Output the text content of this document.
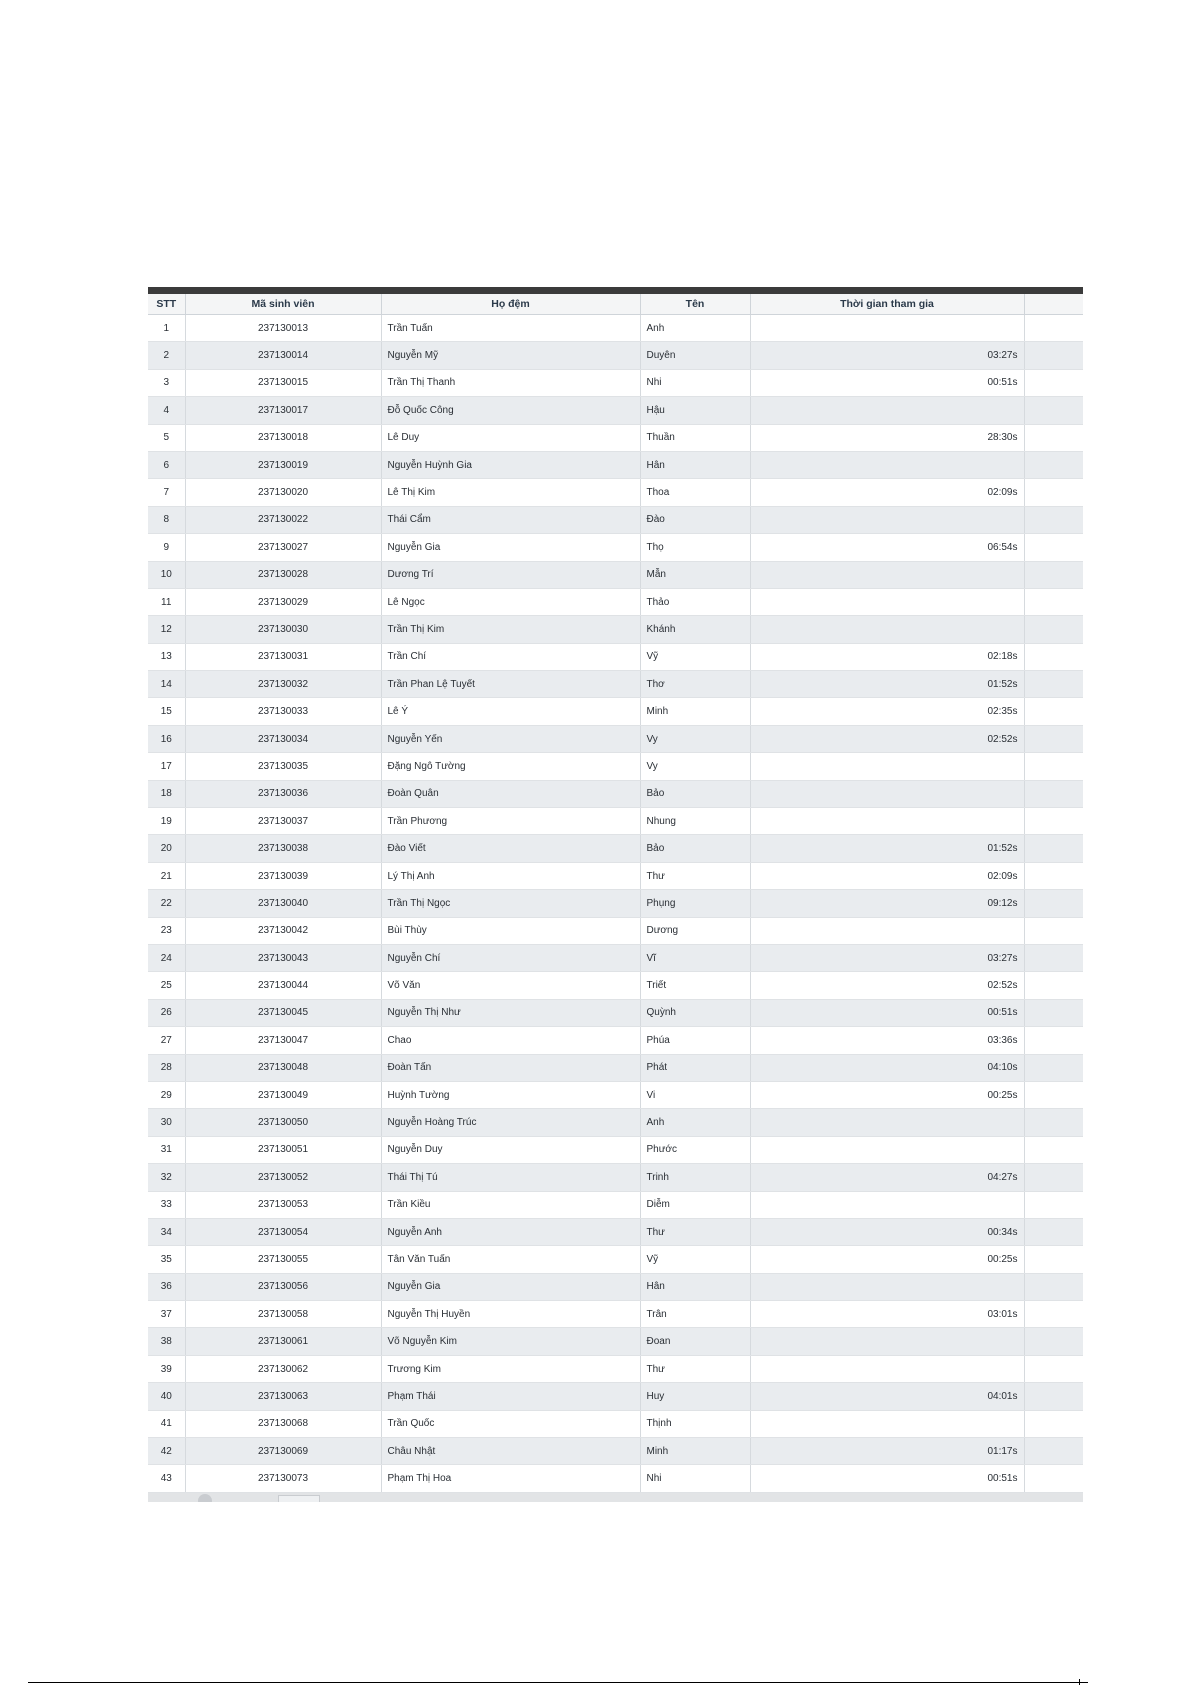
STT	Mã sinh viên	Họ đệm	Tên	Thời gian tham gia	
1	237130013	Trần Tuấn	Anh		
2	237130014	Nguyễn Mỹ	Duyên	03:27s	
3	237130015	Trần Thị Thanh	Nhi	00:51s	
4	237130017	Đỗ Quốc Công	Hậu		
5	237130018	Lê Duy	Thuần	28:30s	
6	237130019	Nguyễn Huỳnh Gia	Hân		
7	237130020	Lê Thị Kim	Thoa	02:09s	
8	237130022	Thái Cẩm	Đào		
9	237130027	Nguyễn Gia	Thọ	06:54s	
10	237130028	Dương Trí	Mẫn		
11	237130029	Lê Ngọc	Thảo		
12	237130030	Trần Thị Kim	Khánh		
13	237130031	Trần Chí	Vỹ	02:18s	
14	237130032	Trần Phan Lệ Tuyết	Thơ	01:52s	
15	237130033	Lê Ý	Minh	02:35s	
16	237130034	Nguyễn Yến	Vy	02:52s	
17	237130035	Đặng Ngô Tường	Vy		
18	237130036	Đoàn Quân	Bảo		
19	237130037	Trần Phương	Nhung		
20	237130038	Đào Viết	Bảo	01:52s	
21	237130039	Lý Thị Anh	Thư	02:09s	
22	237130040	Trần Thị Ngọc	Phụng	09:12s	
23	237130042	Bùi Thùy	Dương		
24	237130043	Nguyễn Chí	Vĩ	03:27s	
25	237130044	Võ Văn	Triết	02:52s	
26	237130045	Nguyễn Thị Như	Quỳnh	00:51s	
27	237130047	Chao	Phúa	03:36s	
28	237130048	Đoàn Tấn	Phát	04:10s	
29	237130049	Huỳnh Tường	Vi	00:25s	
30	237130050	Nguyễn Hoàng Trúc	Anh		
31	237130051	Nguyễn Duy	Phước		
32	237130052	Thái Thị Tú	Trinh	04:27s	
33	237130053	Trần Kiều	Diễm		
34	237130054	Nguyễn Anh	Thư	00:34s	
35	237130055	Tân Văn Tuấn	Vỹ	00:25s	
36	237130056	Nguyễn Gia	Hân		
37	237130058	Nguyễn Thị Huyền	Trân	03:01s	
38	237130061	Võ Nguyễn Kim	Đoan		
39	237130062	Trương Kim	Thư		
40	237130063	Phạm Thái	Huy	04:01s	
41	237130068	Trần Quốc	Thịnh		
42	237130069	Châu Nhật	Minh	01:17s	
43	237130073	Phạm Thị Hoa	Nhi	00:51s	
